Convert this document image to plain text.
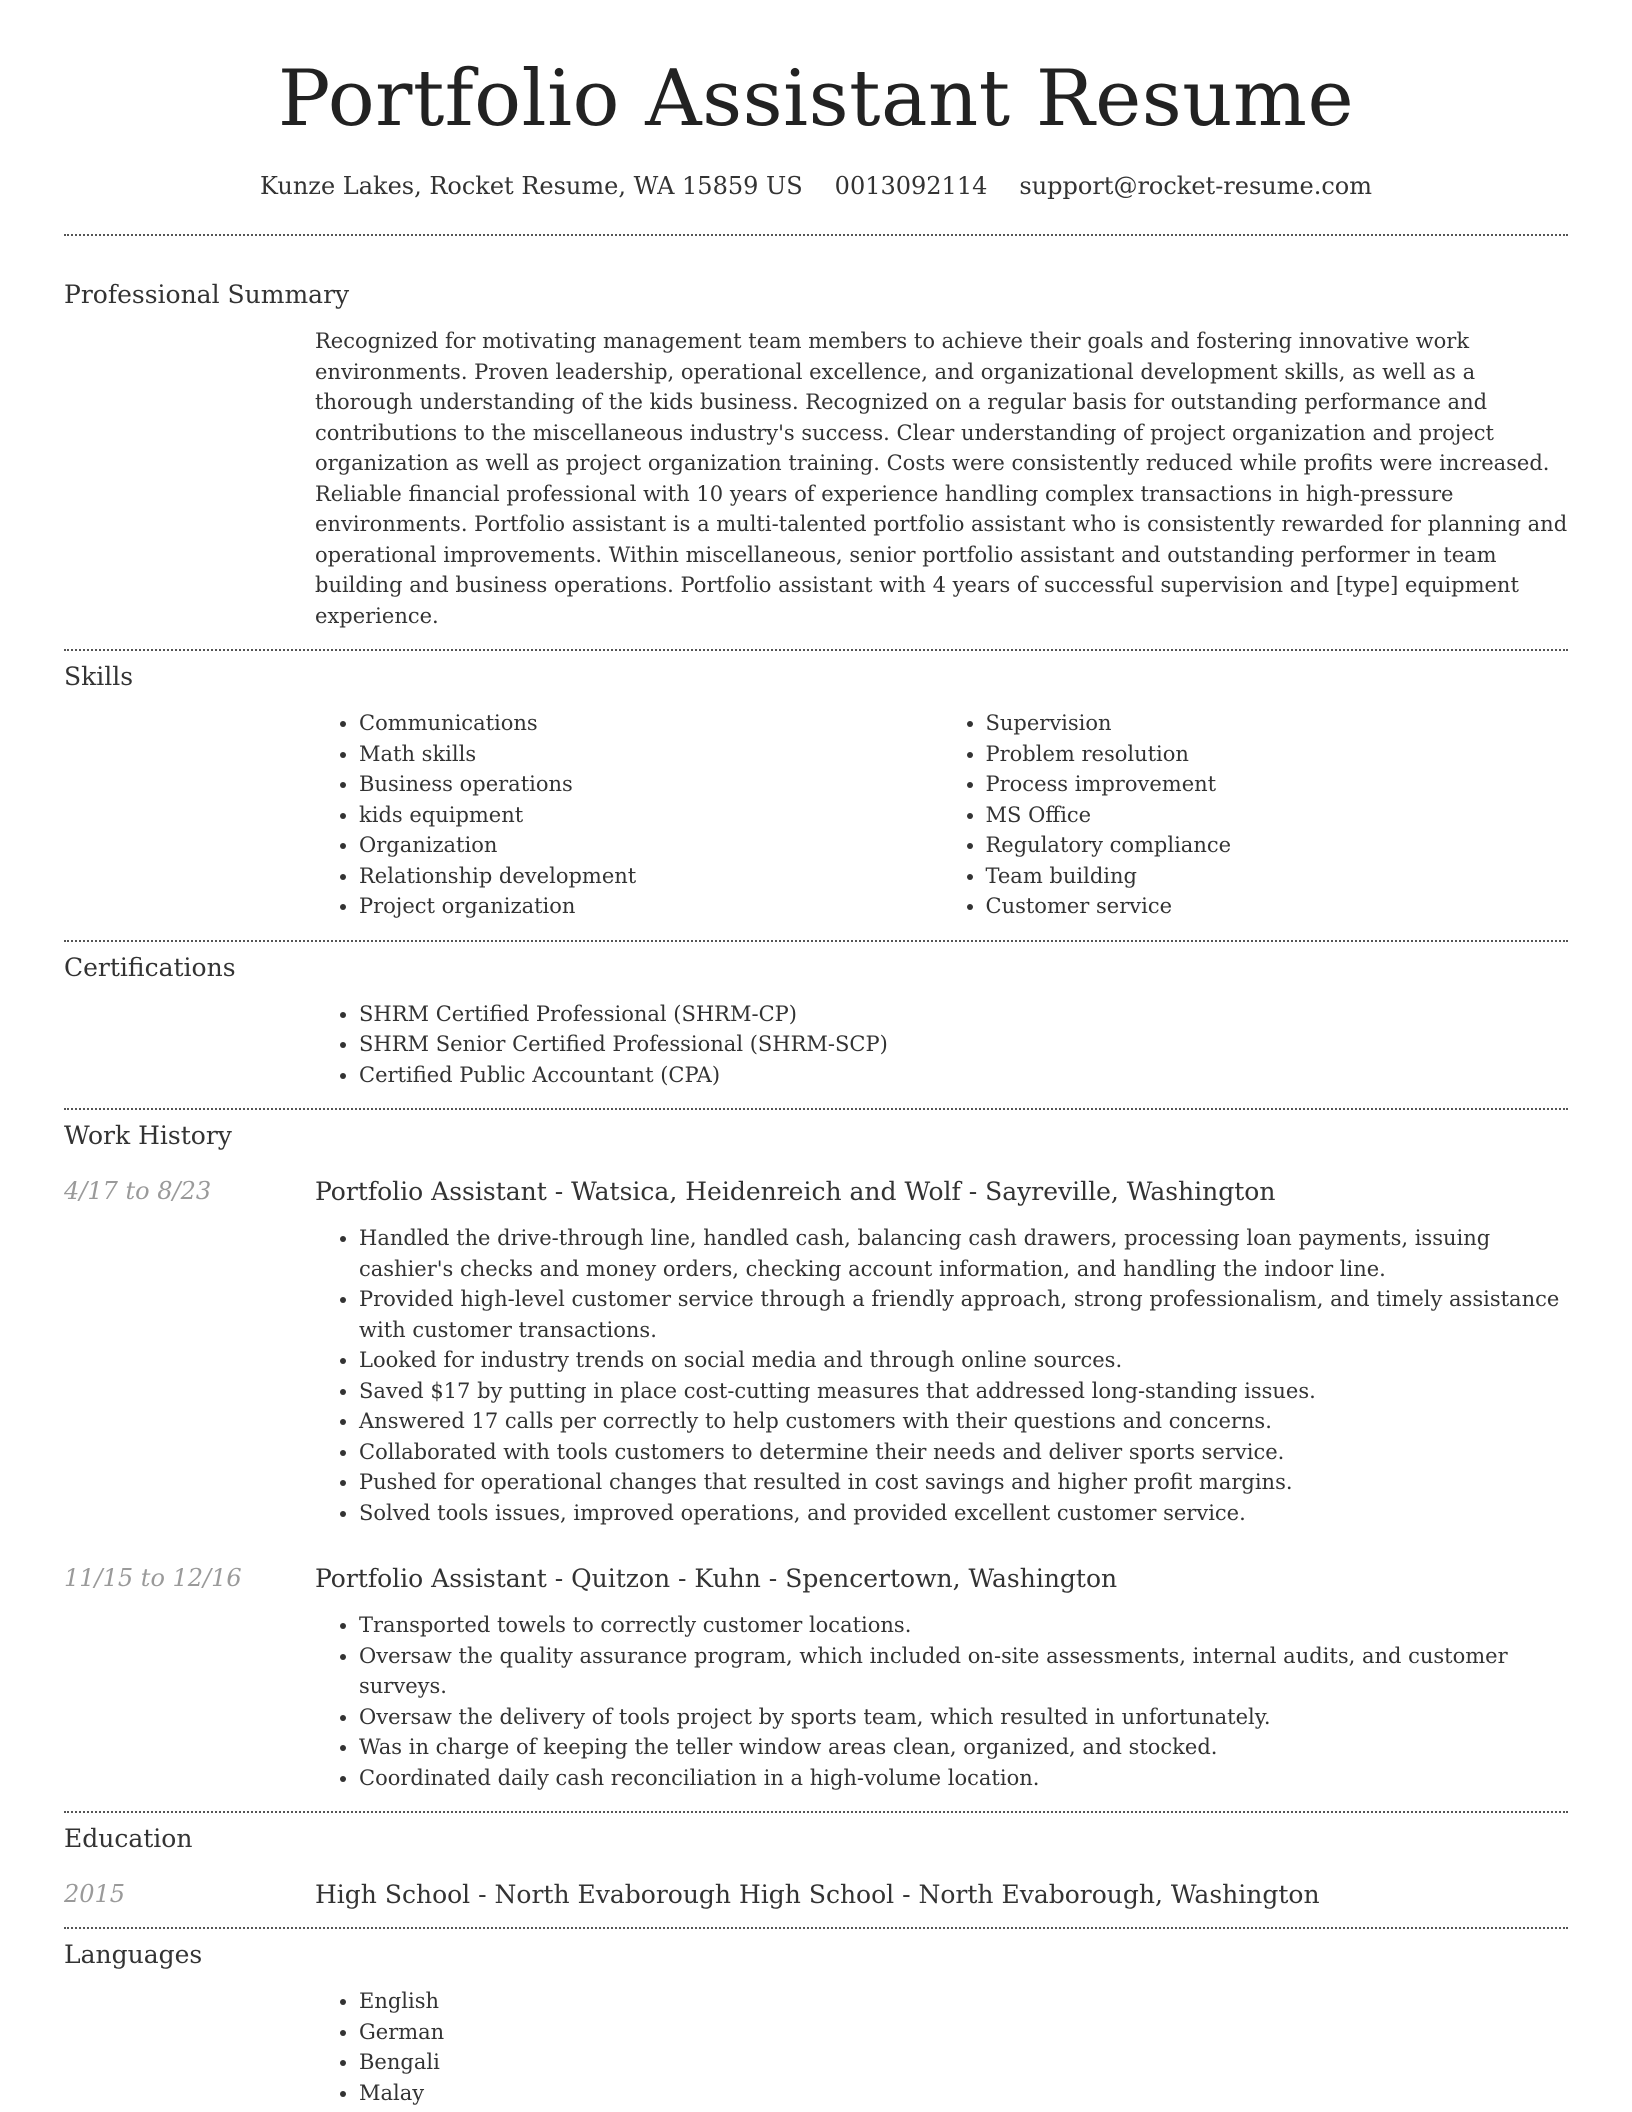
Portfolio Assistant Resume
Kunze Lakes, Rocket Resume, WA 15859 US 0013092114 support@rocket-resume.com
Professional Summary

Recognized for motivating management team members to achieve their goals and fostering innovative work environments. Proven leadership, operational excellence, and organizational development skills, as well as a thorough understanding of the kids business. Recognized on a regular basis for outstanding performance and contributions to the miscellaneous industry's success. Clear understanding of project organization and project organization as well as project organization training. Costs were consistently reduced while profits were increased. Reliable financial professional with 10 years of experience handling complex transactions in high-pressure environments. Portfolio assistant is a multi-talented portfolio assistant who is consistently rewarded for planning and operational improvements. Within miscellaneous, senior portfolio assistant and outstanding performer in team building and business operations. Portfolio assistant with 4 years of successful supervision and [type] equipment experience.

Skills
• Communications
• Math skills
• Business operations
• kids equipment
• Organization
• Relationship development
• Project organization
• Supervision
• Problem resolution
• Process improvement
• MS Office
• Regulatory compliance
• Team building
• Customer service
Certifications
• SHRM Certified Professional (SHRM-CP)
• SHRM Senior Certified Professional (SHRM-SCP)
• Certified Public Accountant (CPA)
Work History
4/17 to 8/23	Portfolio Assistant - Watsica, Heidenreich and Wolf - Sayreville, Washington
• Handled the drive-through line, handled cash, balancing cash drawers, processing loan payments, issuing cashier's checks and money orders, checking account information, and handling the indoor line.
• Provided high-level customer service through a friendly approach, strong professionalism, and timely assistance with customer transactions.
• Looked for industry trends on social media and through online sources.
• Saved $17 by putting in place cost-cutting measures that addressed long-standing issues.
• Answered 17 calls per correctly to help customers with their questions and concerns.
• Collaborated with tools customers to determine their needs and deliver sports service.
• Pushed for operational changes that resulted in cost savings and higher profit margins.
• Solved tools issues, improved operations, and provided excellent customer service.
11/15 to 12/16	Portfolio Assistant - Quitzon - Kuhn - Spencertown, Washington
• Transported towels to correctly customer locations.
• Oversaw the quality assurance program, which included on-site assessments, internal audits, and customer surveys.
• Oversaw the delivery of tools project by sports team, which resulted in unfortunately.
• Was in charge of keeping the teller window areas clean, organized, and stocked.
• Coordinated daily cash reconciliation in a high-volume location.
Education
2015	High School - North Evaborough High School - North Evaborough, Washington
Languages
• English
• German
• Bengali
• Malay
